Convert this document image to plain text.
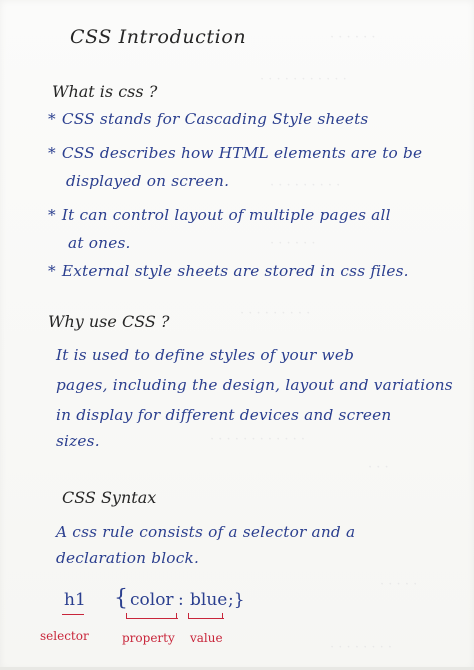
· · · · · ·
· · · · · · · · · · ·
· · · · · · · · ·
· · · · · ·
· · · · · · · · ·
· · · · · · · · · · · ·
· · ·
· · · · ·
· · · · · · · ·
CSS Introduction
What is css ?
* CSS stands for Cascading Style sheets
* CSS describes how HTML elements are to be
displayed on screen.
* It can control layout of multiple pages all
at ones.
* External style sheets are stored in css files.
Why use CSS ?
It is used to define styles of your web
pages, including the design, layout and variations
in display for different devices and screen
sizes.
CSS Syntax
A css rule consists of a selector and a
declaration block.
h1 { color : blue ;}
selector	property value
